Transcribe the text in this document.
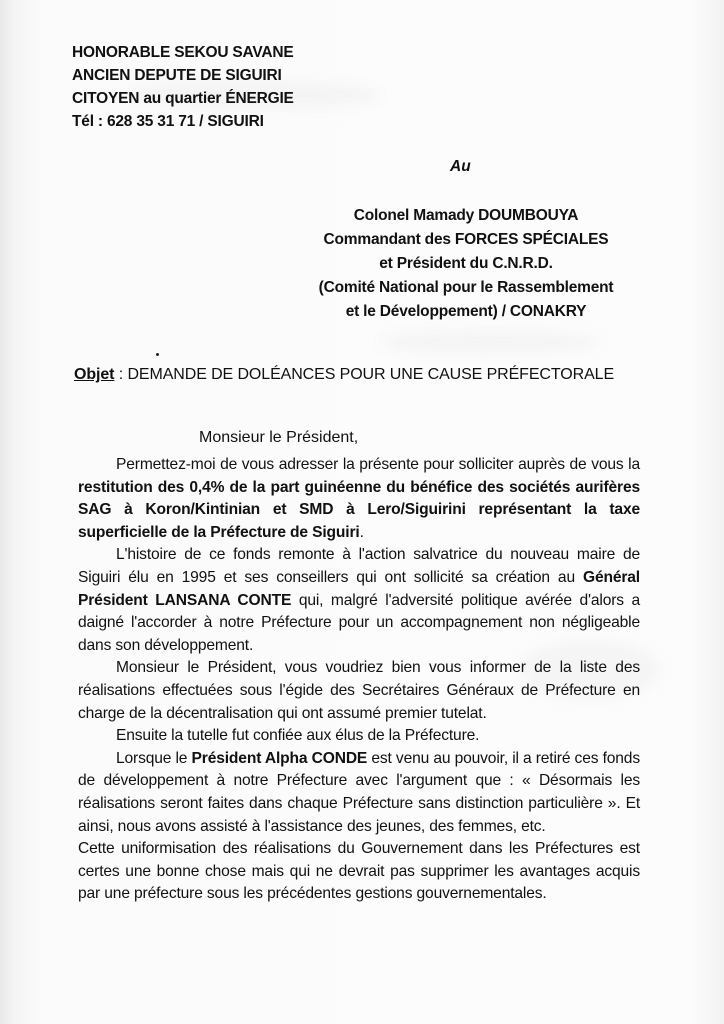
HONORABLE SEKOU SAVANE
ANCIEN DEPUTE DE SIGUIRI
CITOYEN au quartier ÉNERGIE
Tél : 628 35 31 71 / SIGUIRI
Au
Colonel Mamady DOUMBOUYA
Commandant des FORCES SPÉCIALES
et Président du C.N.R.D.
(Comité National pour le Rassemblement
et le Développement) / CONAKRY
Objet : DEMANDE DE DOLÉANCES POUR UNE CAUSE PRÉFECTORALE
Monsieur le Président,

Permettez-moi de vous adresser la présente pour solliciter auprès de vous la restitution des 0,4% de la part guinéenne du bénéfice des sociétés aurifères SAG à Koron/Kintinian et SMD à Lero/Siguirini représentant la taxe superficielle de la Préfecture de Siguiri.

L'histoire de ce fonds remonte à l'action salvatrice du nouveau maire de Siguiri élu en 1995 et ses conseillers qui ont sollicité sa création au Général Président LANSANA CONTE qui, malgré l'adversité politique avérée d'alors a daigné l'accorder à notre Préfecture pour un accompagnement non négligeable dans son développement.

Monsieur le Président, vous voudriez bien vous informer de la liste des réalisations effectuées sous l'égide des Secrétaires Généraux de Préfecture en charge de la décentralisation qui ont assumé premier tutelat.

Ensuite la tutelle fut confiée aux élus de la Préfecture.

Lorsque le Président Alpha CONDE est venu au pouvoir, il a retiré ces fonds de développement à notre Préfecture avec l'argument que : « Désormais les réalisations seront faites dans chaque Préfecture sans distinction particulière ». Et ainsi, nous avons assisté à l'assistance des jeunes, des femmes, etc.

Cette uniformisation des réalisations du Gouvernement dans les Préfectures est certes une bonne chose mais qui ne devrait pas supprimer les avantages acquis par une préfecture sous les précédentes gestions gouvernementales.
